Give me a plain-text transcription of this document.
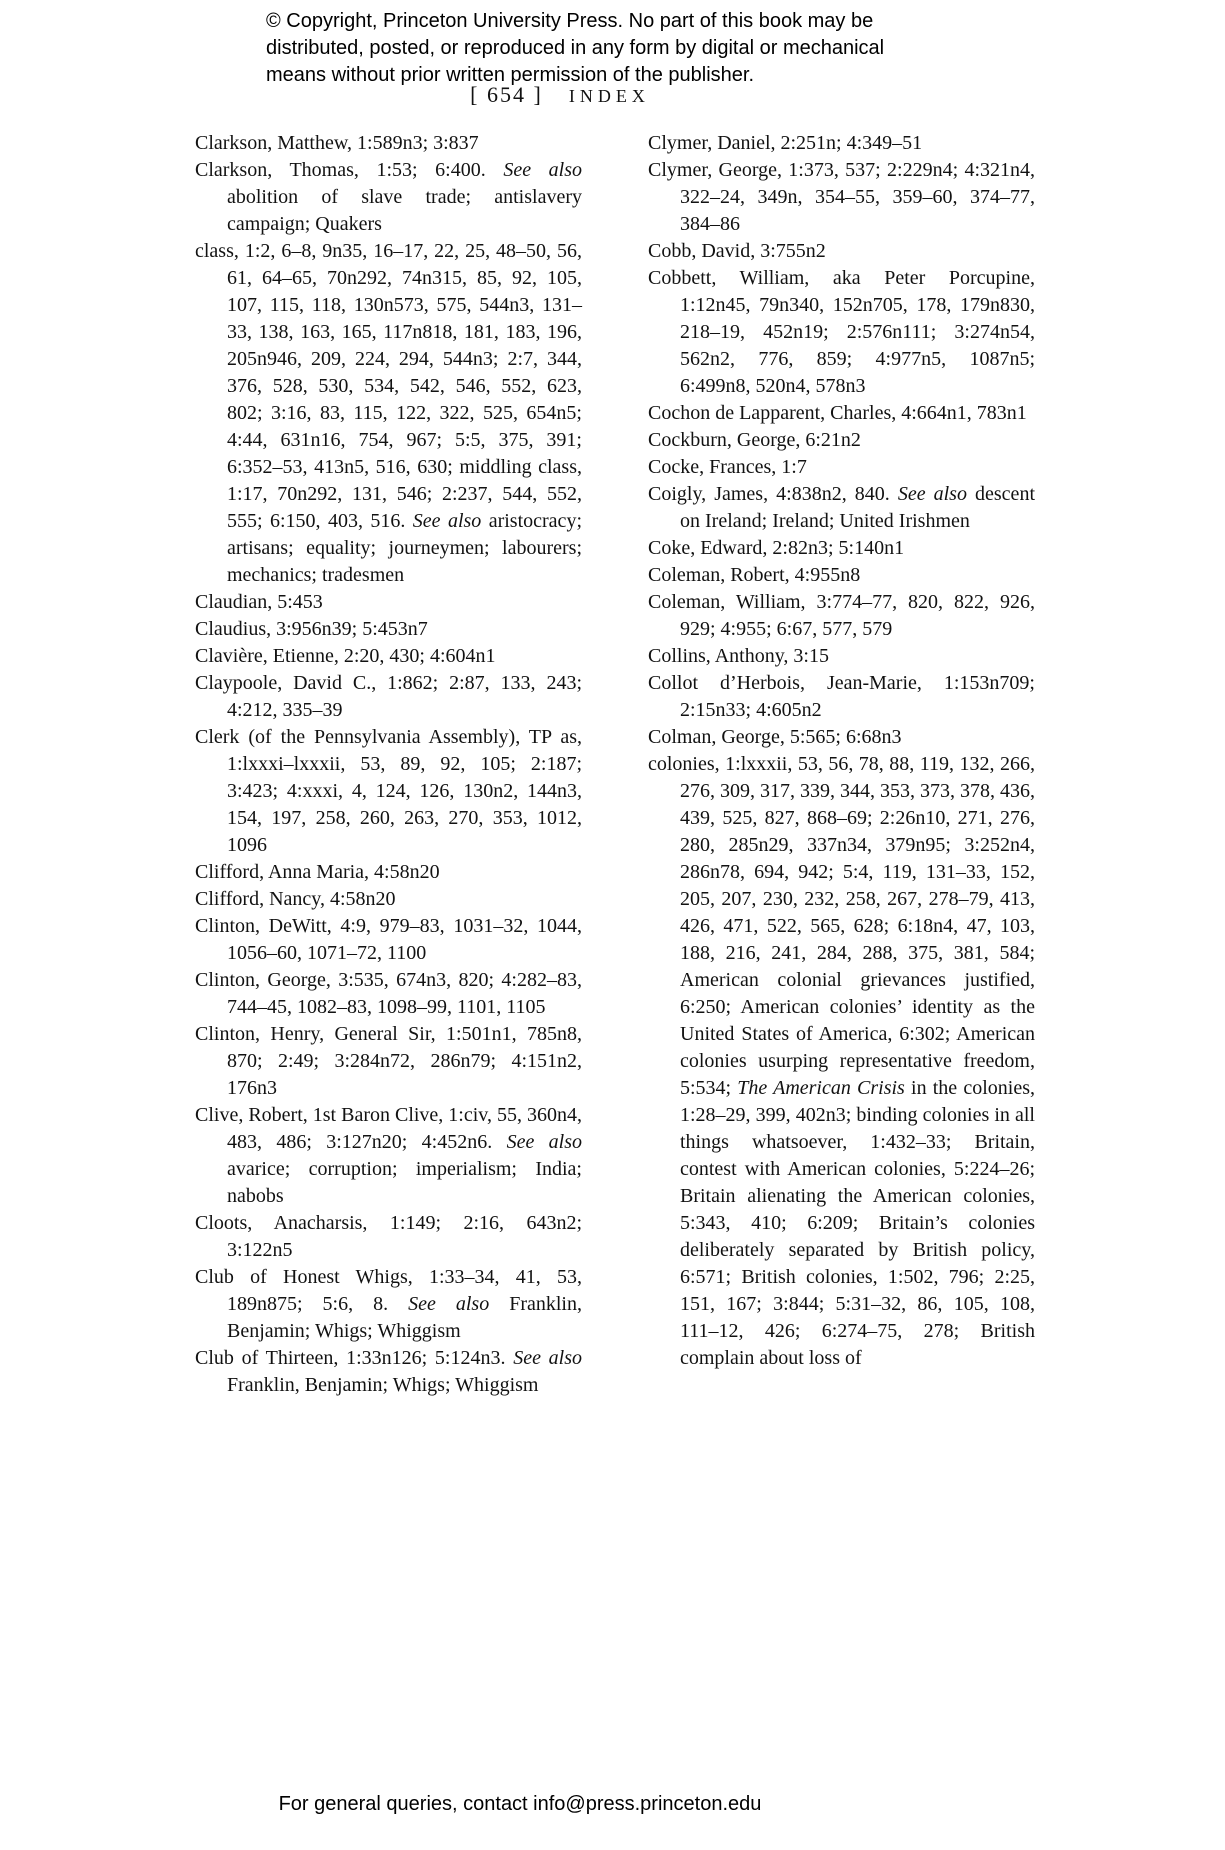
© Copyright, Princeton University Press. No part of this book may be
distributed, posted, or reproduced in any form by digital or mechanical
means without prior written permission of the publisher.
[ 654 ] INDEX

Clarkson, Matthew, 1:589n3; 3:837

Clarkson, Thomas, 1:53; 6:400. See also abolition of slave trade; antislavery campaign; Quakers

class, 1:2, 6–8, 9n35, 16–17, 22, 25, 48–50, 56, 61, 64–65, 70n292, 74n315, 85, 92, 105, 107, 115, 118, 130n573, 575, 544n3, 131–33, 138, 163, 165, 117n818, 181, 183, 196, 205n946, 209, 224, 294, 544n3; 2:7, 344, 376, 528, 530, 534, 542, 546, 552, 623, 802; 3:16, 83, 115, 122, 322, 525, 654n5; 4:44, 631n16, 754, 967; 5:5, 375, 391; 6:352–53, 413n5, 516, 630; middling class, 1:17, 70n292, 131, 546; 2:237, 544, 552, 555; 6:150, 403, 516. See also aristocracy; artisans; equality; journeymen; labourers; mechanics; tradesmen

Claudian, 5:453

Claudius, 3:956n39; 5:453n7

Clavière, Etienne, 2:20, 430; 4:604n1

Claypoole, David C., 1:862; 2:87, 133, 243; 4:212, 335–39

Clerk (of the Pennsylvania Assembly), TP as, 1:lxxxi–lxxxii, 53, 89, 92, 105; 2:187; 3:423; 4:xxxi, 4, 124, 126, 130n2, 144n3, 154, 197, 258, 260, 263, 270, 353, 1012, 1096

Clifford, Anna Maria, 4:58n20

Clifford, Nancy, 4:58n20

Clinton, DeWitt, 4:9, 979–83, 1031–32, 1044, 1056–60, 1071–72, 1100

Clinton, George, 3:535, 674n3, 820; 4:282–83, 744–45, 1082–83, 1098–99, 1101, 1105

Clinton, Henry, General Sir, 1:501n1, 785n8, 870; 2:49; 3:284n72, 286n79; 4:151n2, 176n3

Clive, Robert, 1st Baron Clive, 1:civ, 55, 360n4, 483, 486; 3:127n20; 4:452n6. See also avarice; corruption; imperialism; India; nabobs

Cloots, Anacharsis, 1:149; 2:16, 643n2; 3:122n5

Club of Honest Whigs, 1:33–34, 41, 53, 189n875; 5:6, 8. See also Franklin, Benjamin; Whigs; Whiggism

Club of Thirteen, 1:33n126; 5:124n3. See also Franklin, Benjamin; Whigs; Whiggism

Clymer, Daniel, 2:251n; 4:349–51

Clymer, George, 1:373, 537; 2:229n4; 4:321n4, 322–24, 349n, 354–55, 359–60, 374–77, 384–86

Cobb, David, 3:755n2

Cobbett, William, aka Peter Porcupine, 1:12n45, 79n340, 152n705, 178, 179n830, 218–19, 452n19; 2:576n111; 3:274n54, 562n2, 776, 859; 4:977n5, 1087n5; 6:499n8, 520n4, 578n3

Cochon de Lapparent, Charles, 4:664n1, 783n1

Cockburn, George, 6:21n2

Cocke, Frances, 1:7

Coigly, James, 4:838n2, 840. See also descent on Ireland; Ireland; United Irishmen

Coke, Edward, 2:82n3; 5:140n1

Coleman, Robert, 4:955n8

Coleman, William, 3:774–77, 820, 822, 926, 929; 4:955; 6:67, 577, 579

Collins, Anthony, 3:15

Collot d’Herbois, Jean-Marie, 1:153n709; 2:15n33; 4:605n2

Colman, George, 5:565; 6:68n3

colonies, 1:lxxxii, 53, 56, 78, 88, 119, 132, 266, 276, 309, 317, 339, 344, 353, 373, 378, 436, 439, 525, 827, 868–69; 2:26n10, 271, 276, 280, 285n29, 337n34, 379n95; 3:252n4, 286n78, 694, 942; 5:4, 119, 131–33, 152, 205, 207, 230, 232, 258, 267, 278–79, 413, 426, 471, 522, 565, 628; 6:18n4, 47, 103, 188, 216, 241, 284, 288, 375, 381, 584; American colonial grievances justified, 6:250; American colonies’ identity as the United States of America, 6:302; American colonies usurping representative freedom, 5:534; The American Crisis in the colonies, 1:28–29, 399, 402n3; binding colonies in all things whatsoever, 1:432–33; Britain, contest with American colonies, 5:224–26; Britain alienating the American colonies, 5:343, 410; 6:209; Britain’s colonies deliberately separated by British policy, 6:571; British colonies, 1:502, 796; 2:25, 151, 167; 3:844; 5:31–32, 86, 105, 108, 111–12, 426; 6:274–75, 278; British complain about loss of

For general queries, contact info@press.princeton.edu
